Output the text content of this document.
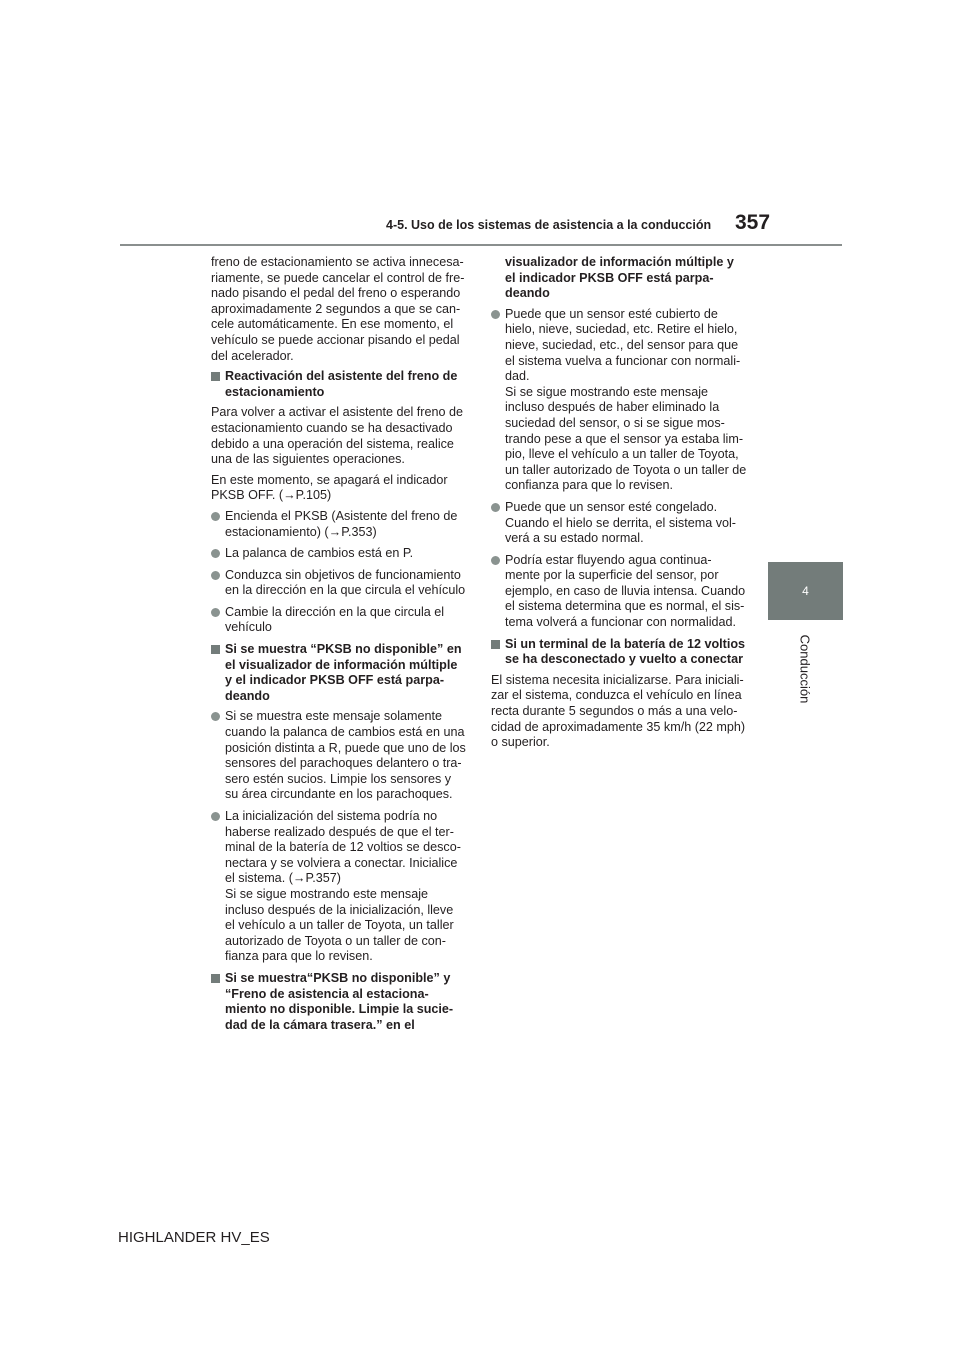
4-5. Uso de los sistemas de asistencia a la conducción 357
4
Conducción
freno de estacionamiento se activa innecesa-
riamente, se puede cancelar el control de fre-
nado pisando el pedal del freno o esperando
aproximadamente 2 segundos a que se can-
cele automáticamente. En ese momento, el
vehículo se puede accionar pisando el pedal
del acelerador.
Reactivación del asistente del freno de
estacionamiento
Para volver a activar el asistente del freno de
estacionamiento cuando se ha desactivado
debido a una operación del sistema, realice
una de las siguientes operaciones.
En este momento, se apagará el indicador
PKSB OFF. (→P.105)
Encienda el PKSB (Asistente del freno de
estacionamiento) (→P.353)
La palanca de cambios está en P.
Conduzca sin objetivos de funcionamiento
en la dirección en la que circula el vehículo
Cambie la dirección en la que circula el
vehículo
Si se muestra “PKSB no disponible” en
el visualizador de información múltiple
y el indicador PKSB OFF está parpa-
deando
Si se muestra este mensaje solamente
cuando la palanca de cambios está en una
posición distinta a R, puede que uno de los
sensores del parachoques delantero o tra-
sero estén sucios. Limpie los sensores y
su área circundante en los parachoques.
La inicialización del sistema podría no
haberse realizado después de que el ter-
minal de la batería de 12 voltios se desco-
nectara y se volviera a conectar. Inicialice
el sistema. (→P.357)
Si se sigue mostrando este mensaje
incluso después de la inicialización, lleve
el vehículo a un taller de Toyota, un taller
autorizado de Toyota o un taller de con-
fianza para que lo revisen.
Si se muestra“PKSB no disponible” y
“Freno de asistencia al estaciona-
miento no disponible. Limpie la sucie-
dad de la cámara trasera.” en el
visualizador de información múltiple y
el indicador PKSB OFF está parpa-
deando
Puede que un sensor esté cubierto de
hielo, nieve, suciedad, etc. Retire el hielo,
nieve, suciedad, etc., del sensor para que
el sistema vuelva a funcionar con normali-
dad.
Si se sigue mostrando este mensaje
incluso después de haber eliminado la
suciedad del sensor, o si se sigue mos-
trando pese a que el sensor ya estaba lim-
pio, lleve el vehículo a un taller de Toyota,
un taller autorizado de Toyota o un taller de
confianza para que lo revisen.
Puede que un sensor esté congelado.
Cuando el hielo se derrita, el sistema vol-
verá a su estado normal.
Podría estar fluyendo agua continua-
mente por la superficie del sensor, por
ejemplo, en caso de lluvia intensa. Cuando
el sistema determina que es normal, el sis-
tema volverá a funcionar con normalidad.
Si un terminal de la batería de 12 voltios
se ha desconectado y vuelto a conectar
El sistema necesita inicializarse. Para iniciali-
zar el sistema, conduzca el vehículo en línea
recta durante 5 segundos o más a una velo-
cidad de aproximadamente 35 km/h (22 mph)
o superior.
HIGHLANDER HV_ES
